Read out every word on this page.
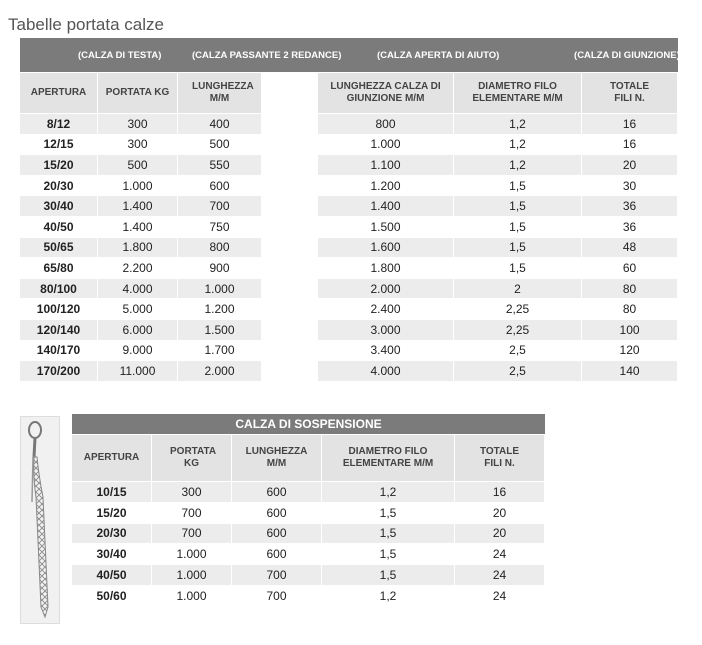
Tabelle portata calze
(CALZA DI TESTA)		(CALZA PASSANTE 2 REDANCE)		(CALZA APERTA DI AIUTO)		(CALZA DI GIUNZIONE)
APERTURA	PORTATA KG	LUNGHEZZA M/M		LUNGHEZZA CALZA DI GIUNZIONE M/M	DIAMETRO FILO ELEMENTARE M/M	TOTALE FILI N.
8/12	300	400		800	1,2	16
12/15	300	500		1.000	1,2	16
15/20	500	550		1.100	1,2	20
20/30	1.000	600		1.200	1,5	30
30/40	1.400	700		1.400	1,5	36
40/50	1.400	750		1.500	1,5	36
50/65	1.800	800		1.600	1,5	48
65/80	2.200	900		1.800	1,5	60
80/100	4.000	1.000		2.000	2	80
100/120	5.000	1.200		2.400	2,25	80
120/140	6.000	1.500		3.000	2,25	100
140/170	9.000	1.700		3.400	2,5	120
170/200	11.000	2.000		4.000	2,5	140
CALZA DI SOSPENSIONE				
APERTURA	PORTATA KG	LUNGHEZZA M/M	DIAMETRO FILO ELEMENTARE M/M	TOTALE FILI N.
10/15	300	600	1,2	16
15/20	700	600	1,5	20
20/30	700	600	1,5	20
30/40	1.000	600	1,5	24
40/50	1.000	700	1,5	24
50/60	1.000	700	1,2	24
